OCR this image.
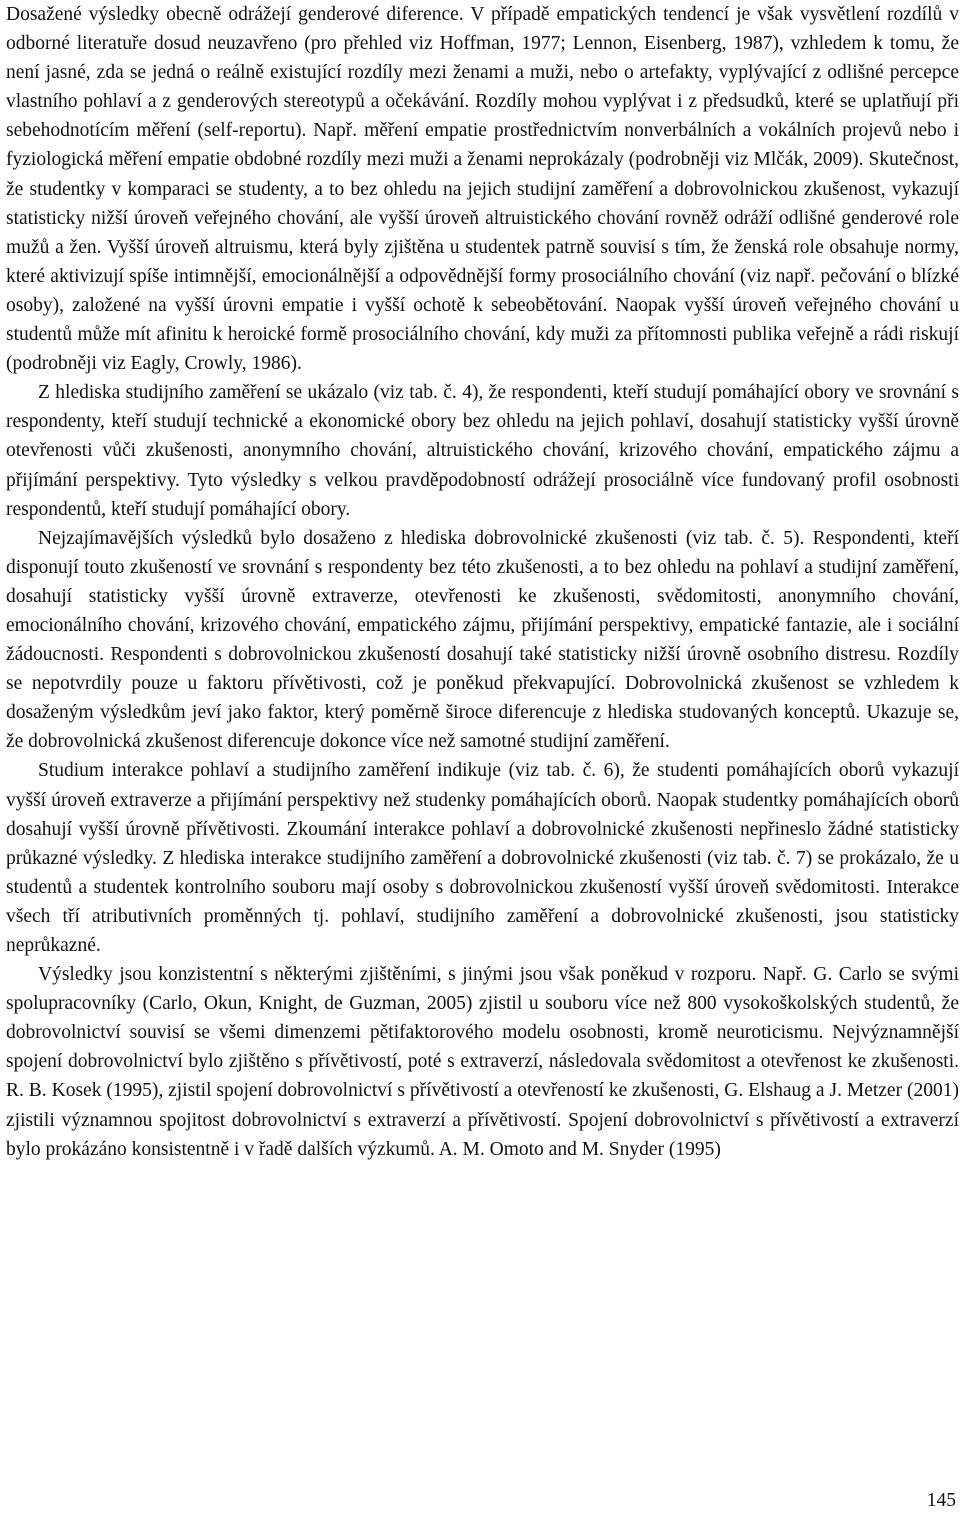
Dosažené výsledky obecně odrážejí genderové diference. V případě empatických tendencí je však vysvětlení rozdílů v odborné literatuře dosud neuzavřeno (pro přehled viz Hoffman, 1977; Lennon, Eisenberg, 1987), vzhledem k tomu, že není jasné, zda se jedná o reálně existující rozdíly mezi ženami a muži, nebo o artefakty, vyplývající z odlišné percepce vlastního pohlaví a z genderových stereotypů a očekávání. Rozdíly mohou vyplývat i z předsudků, které se uplatňují při sebehodnotícím měření (self-reportu). Např. měření empatie prostřednictvím nonverbálních a vokálních projevů nebo i fyziologická měření empatie obdobné rozdíly mezi muži a ženami neprokázaly (podrobněji viz Mlčák, 2009). Skutečnost, že studentky v komparaci se studenty, a to bez ohledu na jejich studijní zaměření a dobrovolnickou zkušenost, vykazují statisticky nižší úroveň veřejného chování, ale vyšší úroveň altruistického chování rovněž odráží odlišné genderové role mužů a žen. Vyšší úroveň altruismu, která byly zjištěna u studentek patrně souvisí s tím, že ženská role obsahuje normy, které aktivizují spíše intimnější, emocionálnější a odpovědnější formy prosociálního chování (viz např. pečování o blízké osoby), založené na vyšší úrovni empatie i vyšší ochotě k sebeobětování. Naopak vyšší úroveň veřejného chování u studentů může mít afinitu k heroické formě prosociálního chování, kdy muži za přítomnosti publika veřejně a rádi riskují (podrobněji viz Eagly, Crowly, 1986).

Z hlediska studijního zaměření se ukázalo (viz tab. č. 4), že respondenti, kteří studují pomáhající obory ve srovnání s respondenty, kteří studují technické a ekonomické obory bez ohledu na jejich pohlaví, dosahují statisticky vyšší úrovně otevřenosti vůči zkušenosti, anonymního chování, altruistického chování, krizového chování, empatického zájmu a přijímání perspektivy. Tyto výsledky s velkou pravděpodobností odrážejí prosociálně více fundovaný profil osobnosti respondentů, kteří studují pomáhající obory.

Nejzajímavějších výsledků bylo dosaženo z hlediska dobrovolnické zkušenosti (viz tab. č. 5). Respondenti, kteří disponují touto zkušeností ve srovnání s respondenty bez této zkušenosti, a to bez ohledu na pohlaví a studijní zaměření, dosahují statisticky vyšší úrovně extraverze, otevřenosti ke zkušenosti, svědomitosti, anonymního chování, emocionálního chování, krizového chování, empatického zájmu, přijímání perspektivy, empatické fantazie, ale i sociální žádoucnosti. Respondenti s dobrovolnickou zkušeností dosahují také statisticky nižší úrovně osobního distresu. Rozdíly se nepotvrdily pouze u faktoru přívětivosti, což je poněkud překvapující. Dobrovolnická zkušenost se vzhledem k dosaženým výsledkům jeví jako faktor, který poměrně široce diferencuje z hlediska studovaných konceptů. Ukazuje se, že dobrovolnická zkušenost diferencuje dokonce více než samotné studijní zaměření.

Studium interakce pohlaví a studijního zaměření indikuje (viz tab. č. 6), že studenti pomáhajících oborů vykazují vyšší úroveň extraverze a přijímání perspektivy než studenky pomáhajících oborů. Naopak studentky pomáhajících oborů dosahují vyšší úrovně přívětivosti. Zkoumání interakce pohlaví a dobrovolnické zkušenosti nepřineslo žádné statisticky průkazné výsledky. Z hlediska interakce studijního zaměření a dobrovolnické zkušenosti (viz tab. č. 7) se prokázalo, že u studentů a studentek kontrolního souboru mají osoby s dobrovolnickou zkušeností vyšší úroveň svědomitosti. Interakce všech tří atributivních proměnných tj. pohlaví, studijního zaměření a dobrovolnické zkušenosti, jsou statisticky neprůkazné.

Výsledky jsou konzistentní s některými zjištěními, s jinými jsou však poněkud v rozporu. Např. G. Carlo se svými spolupracovníky (Carlo, Okun, Knight, de Guzman, 2005) zjistil u souboru více než 800 vysokoškolských studentů, že dobrovolnictví souvisí se všemi dimenzemi pětifaktorového modelu osobnosti, kromě neuroticismu. Nejvýznamnější spojení dobrovolnictví bylo zjištěno s přívětivostí, poté s extraverzí, následovala svědomitost a otevřenost ke zkušenosti. R. B. Kosek (1995), zjistil spojení dobrovolnictví s přívětivostí a otevřeností ke zkušenosti, G. Elshaug a J. Metzer (2001) zjistili významnou spojitost dobrovolnictví s extraverzí a přívětivostí. Spojení dobrovolnictví s přívětivostí a extraverzí bylo prokázáno konsistentně i v řadě dalších výzkumů. A. M. Omoto and M. Snyder (1995)

145
